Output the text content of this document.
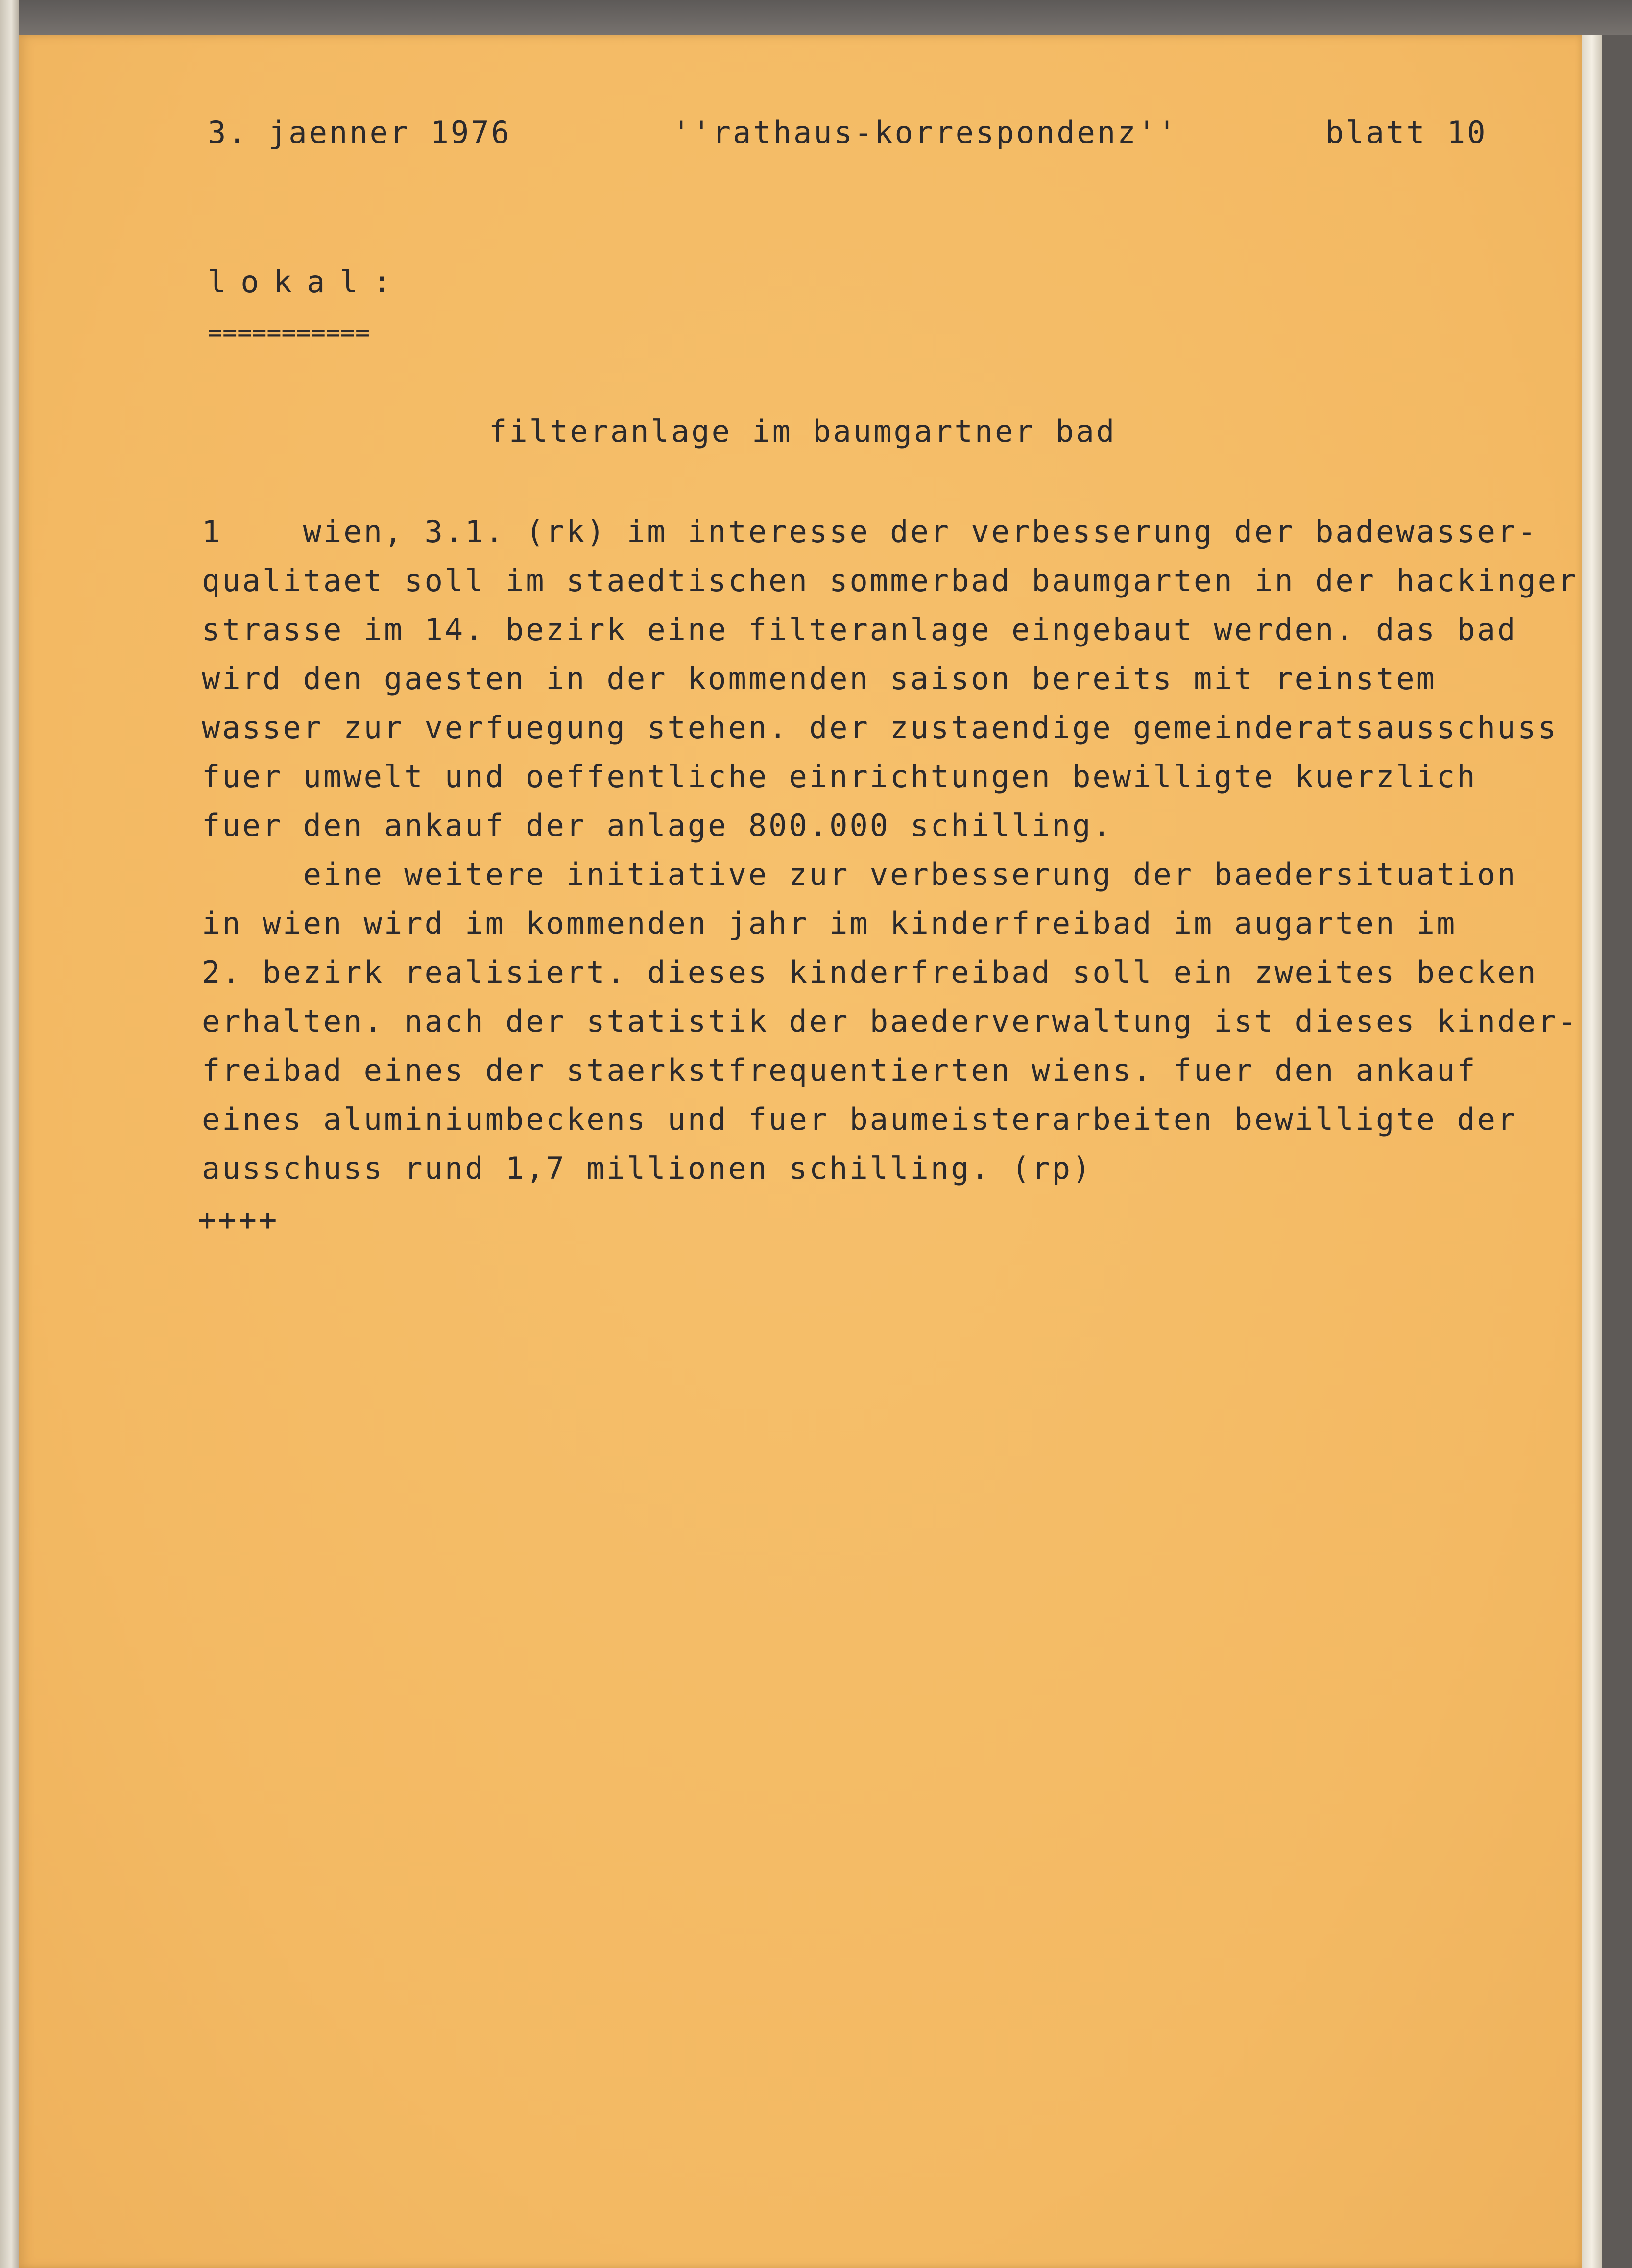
3. jaenner 1976	''rathaus-korrespondenz''	blatt 10
lokal:
===========
filteranlage im baumgartner bad
1    wien, 3.1. (rk) im interesse der verbesserung der badewasser-
qualitaet soll im staedtischen sommerbad baumgarten in der hackinger
strasse im 14. bezirk eine filteranlage eingebaut werden. das bad
wird den gaesten in der kommenden saison bereits mit reinstem
wasser zur verfuegung stehen. der zustaendige gemeinderatsausschuss
fuer umwelt und oeffentliche einrichtungen bewilligte kuerzlich
fuer den ankauf der anlage 800.000 schilling.
eine weitere initiative zur verbesserung der baedersituation
in wien wird im kommenden jahr im kinderfreibad im augarten im
2. bezirk realisiert. dieses kinderfreibad soll ein zweites becken
erhalten. nach der statistik der baederverwaltung ist dieses kinder-
freibad eines der staerkstfrequentierten wiens. fuer den ankauf
eines aluminiumbeckens und fuer baumeisterarbeiten bewilligte der
ausschuss rund 1,7 millionen schilling. (rp)
++++
